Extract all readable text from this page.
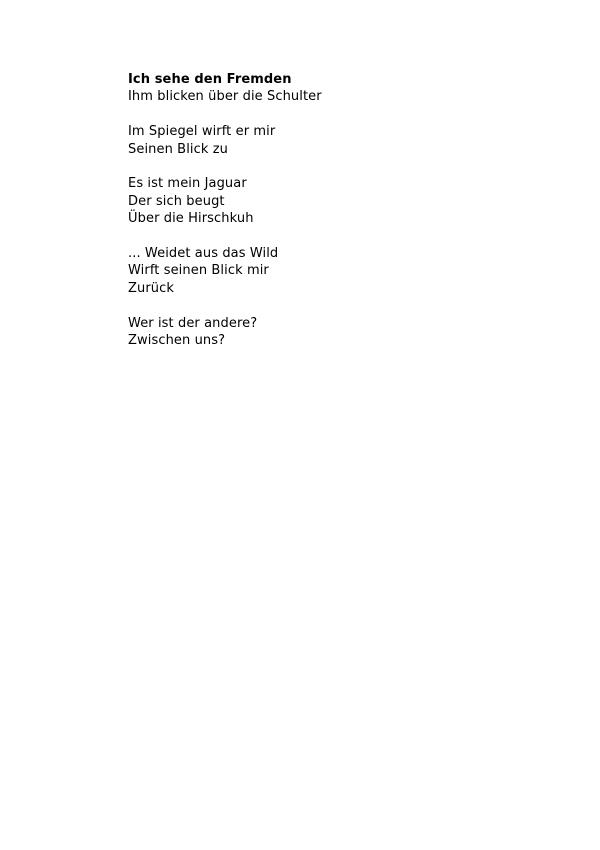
Ich sehe den Fremden

Ihm blicken über die Schulter

Im Spiegel wirft er mir

Seinen Blick zu

Es ist mein Jaguar

Der sich beugt

Über die Hirschkuh

... Weidet aus das Wild

Wirft seinen Blick mir

Zurück

Wer ist der andere?

Zwischen uns?
